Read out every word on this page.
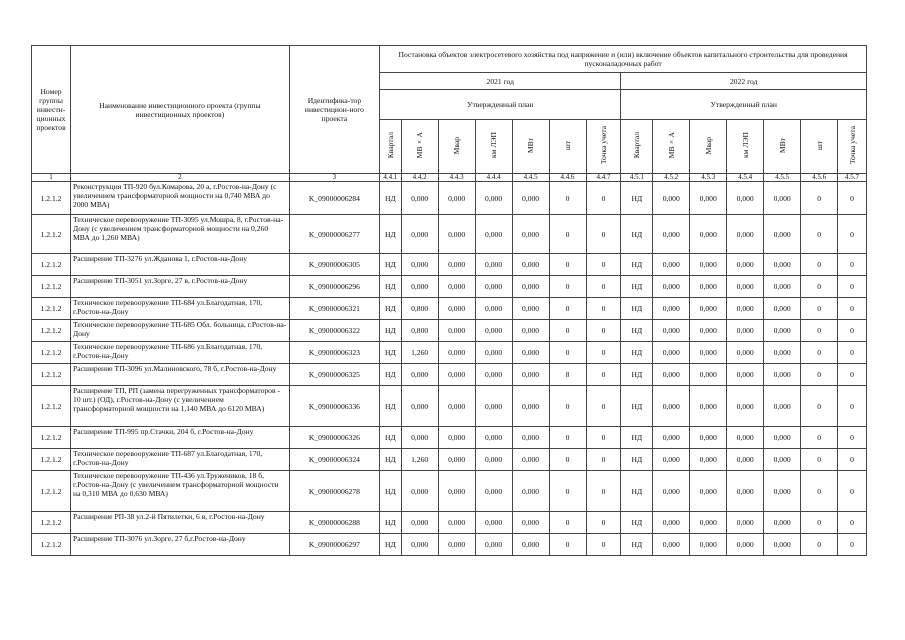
Номер группы инвести-ционных проектов	Наименование инвестиционного проекта (группы инвестиционных проектов)	Идентифика-тор инвестицион-ного проекта	Постановка объектов электросетевого хозяйства под напряжение и (или) включение объектов капитального строительства для проведения пусконаладочных работ													
			2021 год							2022 год						
			Утвержденный план							Утвержденный план						
			Квартал	МВ×А	Мвар	км ЛЭП	МВт	шт	Точка учета	Квартал	МВ×А	Мвар	км ЛЭП	МВт	шт	Точка учета
1	2	3	4.4.1	4.4.2	4.4.3	4.4.4	4.4.5	4.4.6	4.4.7	4.5.1	4.5.2	4.5.3	4.5.4	4.5.5	4.5.6	4.5.7
1.2.1.2	Реконструкция ТП-920 бул.Комарова, 20 а, г.Ростов-на-Дону (с увеличением трансформаторной мощности на 0,740 МВА до 2000 МВА)	K_09000006284	НД	0,000	0,000	0,000	0,000	0	0	НД	0,000	0,000	0,000	0,000	0	0
1.2.1.2	Техническое перевооружение ТП-3095 ул.Мошра, 8, г.Ростов-на-Дону (с увеличением трансформаторной мощности на 0,260 МВА до 1,260 МВА)	K_09000006277	НД	0,000	0,000	0,000	0,000	0	0	НД	0,000	0,000	0,000	0,000	0	0
1.2.1.2	Расширение ТП-3276 ул.Жданова 1, г.Ростов-на-Дону	K_09000006305	НД	0,000	0,000	0,000	0,000	0	0	НД	0,000	0,000	0,000	0,000	0	0
1.2.1.2	Расширение ТП-3051 ул.Зорге, 27 в, г.Ростов-на-Дону	K_09000006296	НД	0,000	0,000	0,000	0,000	0	0	НД	0,000	0,000	0,000	0,000	0	0
1.2.1.2	Техническое перевооружение ТП-684 ул.Благодатная, 170, г.Ростов-на-Дону	K_09000006321	НД	0,800	0,000	0,000	0,000	0	0	НД	0,000	0,000	0,000	0,000	0	0
1.2.1.2	Техническое перевооружение ТП-685 Обл. больница, г.Ростов-на-Дону	K_09000006322	НД	0,800	0,000	0,000	0,000	0	0	НД	0,000	0,000	0,000	0,000	0	0
1.2.1.2	Техническое перевооружение ТП-686 ул.Благодатная, 170, г.Ростов-на-Дону	K_09000006323	НД	1,260	0,000	0,000	0,000	0	0	НД	0,000	0,000	0,000	0,000	0	0
1.2.1.2	Расширение ТП-3096 ул.Малиновского, 78 б, г.Ростов-на-Дону	K_09000006325	НД	0,000	0,000	0,000	0,000	8	0	НД	0,000	0,000	0,000	0,000	0	0
1.2.1.2	Расширение ТП, РП (замена перегруженных трансформаторов - 10 шт.) (ОД), г.Ростов-на-Дону (с увеличением трансформаторной мощности на 1,140 МВА до 6120 МВА)	K_09000006336	НД	0,000	0,000	0,000	0,000	0	0	НД	0,000	0,000	0,000	0,000	0	0
1.2.1.2	Расширение ТП-995 пр.Стачки, 204 б, г.Ростов-на-Дону	K_09000006326	НД	0,000	0,000	0,000	0,000	0	0	НД	0,000	0,000	0,000	0,000	0	0
1.2.1.2	Техническое перевооружение ТП-687 ул.Благодатная, 170, г.Ростов-на-Дону	K_09000006324	НД	1,260	0,000	0,000	0,000	0	0	НД	0,000	0,000	0,000	0,000	0	0
1.2.1.2	Техническое перевооружение ТП-436 ул.Тружеников, 18 б, г.Ростов-на-Дону (с увеличением трансформаторной мощности на 0,310 МВА до 0,630 МВА)	K_09000006278	НД	0,000	0,000	0,000	0,000	0	0	НД	0,000	0,000	0,000	0,000	0	0
1.2.1.2	Расширение РП-38 ул.2-й Пятилетки, 6 в, г.Ростов-на-Дону	K_09000006288	НД	0,000	0,000	0,000	0,000	0	0	НД	0,000	0,000	0,000	0,000	0	0
1.2.1.2	Расширение ТП-3076 ул.Зорге, 27 б,г.Ростов-на-Дону	K_09000006297	НД	0,000	0,000	0,000	0,000	0	0	НД	0,000	0,000	0,000	0,000	0	0
